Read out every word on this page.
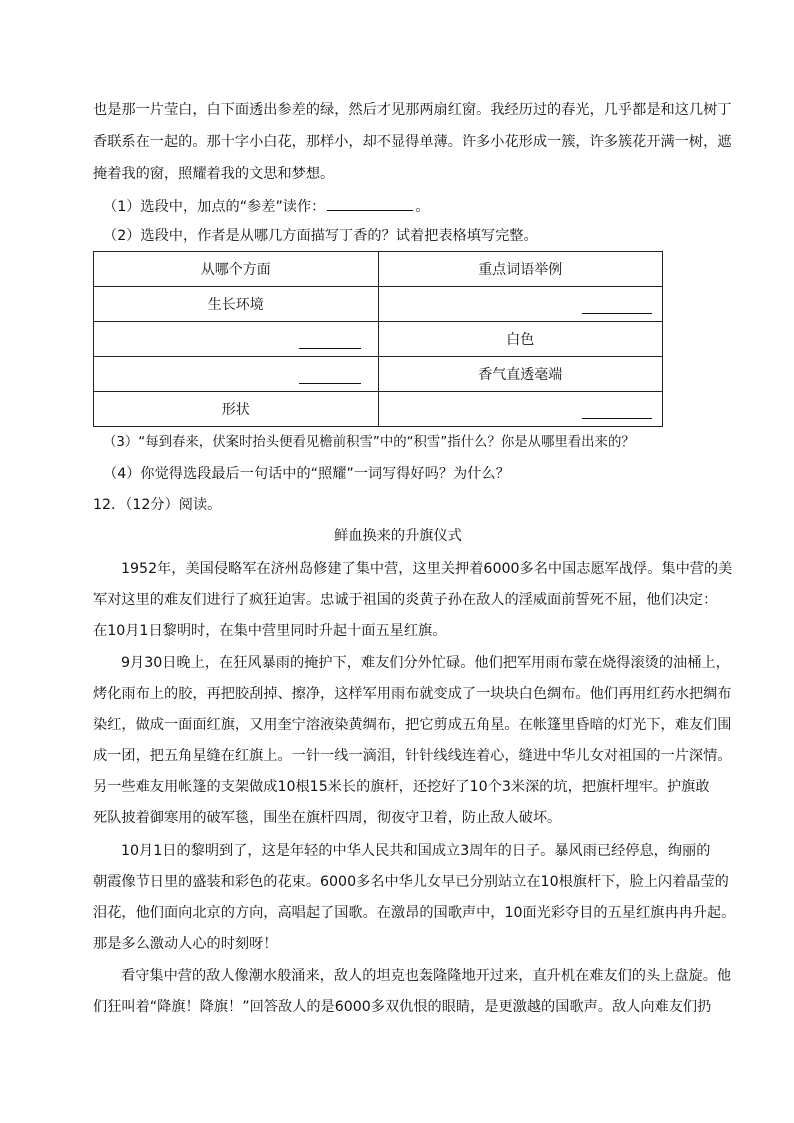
也是那一片莹白，白下面透出参差的绿，然后才见那两扇红窗。我经历过的春光，几乎都是和这几树丁
香联系在一起的。那十字小白花，那样小，却不显得单薄。许多小花形成一簇，许多簇花开满一树，遮
掩着我的窗，照耀着我的文思和梦想。
（1）选段中，加点的“参差”读作：	。
（2）选段中，作者是从哪几方面描写丁香的？试着把表格填写完整。
从哪个方面	重点词语举例
生长环境	

	白色

	香气直透毫端
形状	
（3）“每到春来，伏案时抬头便看见檐前积雪”中的“积雪”指什么？你是从哪里看出来的？
（4）你觉得选段最后一句话中的“照耀”一词写得好吗？为什么？
12．（12分）阅读。
鲜血换来的升旗仪式
1952年，美国侵略军在济州岛修建了集中营，这里关押着6000多名中国志愿军战俘。集中营的美
军对这里的难友们进行了疯狂迫害。忠诚于祖国的炎黄子孙在敌人的淫威面前誓死不屈，他们决定：
在10月1日黎明时，在集中营里同时升起十面五星红旗。
9月30日晚上，在狂风暴雨的掩护下，难友们分外忙碌。他们把军用雨布蒙在烧得滚烫的油桶上，
烤化雨布上的胶，再把胶刮掉、擦净，这样军用雨布就变成了一块块白色绸布。他们再用红药水把绸布
染红，做成一面面红旗，又用奎宁溶液染黄绸布，把它剪成五角星。在帐篷里昏暗的灯光下，难友们围
成一团，把五角星缝在红旗上。一针一线一滴泪，针针线线连着心，缝进中华儿女对祖国的一片深情。
另一些难友用帐篷的支架做成10根15米长的旗杆，还挖好了10个3米深的坑，把旗杆埋牢。护旗敢
死队披着御寒用的破军毯，围坐在旗杆四周，彻夜守卫着，防止敌人破坏。
10月1日的黎明到了，这是年轻的中华人民共和国成立3周年的日子。暴风雨已经停息，绚丽的
朝霞像节日里的盛装和彩色的花束。6000多名中华儿女早已分别站立在10根旗杆下，脸上闪着晶莹的
泪花，他们面向北京的方向，高唱起了国歌。在激昂的国歌声中，10面光彩夺目的五星红旗冉冉升起。
那是多么激动人心的时刻呀！
看守集中营的敌人像潮水般涌来，敌人的坦克也轰隆隆地开过来，直升机在难友们的头上盘旋。他
们狂叫着“降旗！降旗！”回答敌人的是6000多双仇恨的眼睛，是更激越的国歌声。敌人向难友们扔
